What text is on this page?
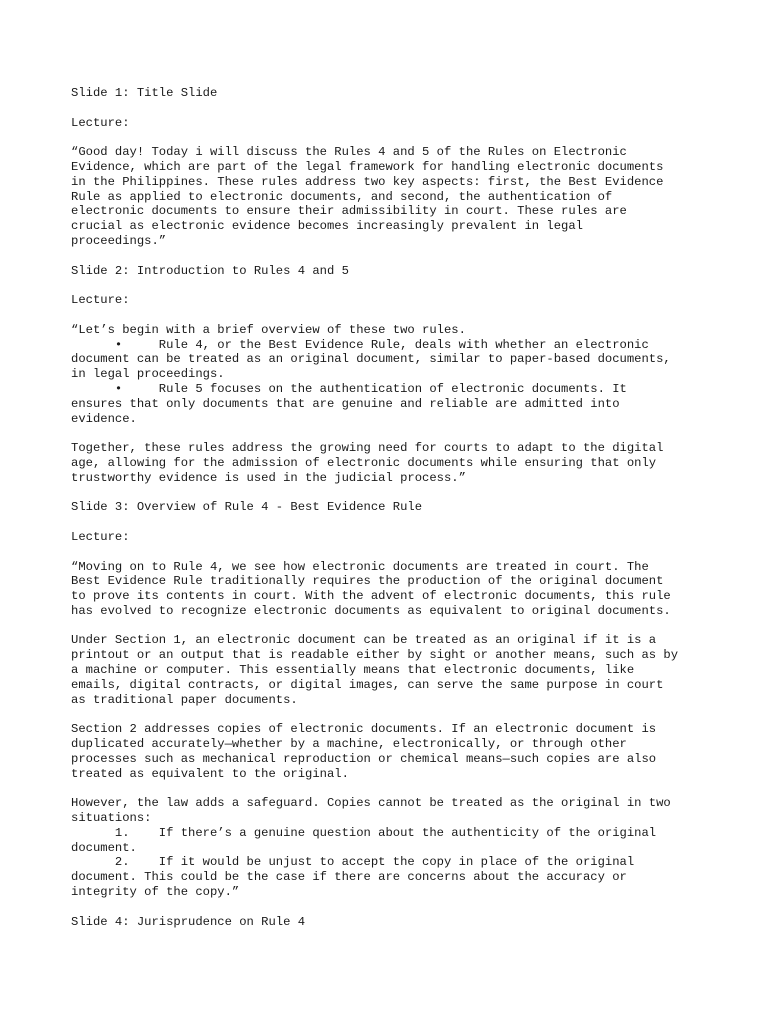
Slide 1: Title Slide
Lecture:
“Good day! Today i will discuss the Rules 4 and 5 of the Rules on Electronic
Evidence, which are part of the legal framework for handling electronic documents
in the Philippines. These rules address two key aspects: first, the Best Evidence
Rule as applied to electronic documents, and second, the authentication of
electronic documents to ensure their admissibility in court. These rules are
crucial as electronic evidence becomes increasingly prevalent in legal
proceedings.”
Slide 2: Introduction to Rules 4 and 5
Lecture:
“Let’s begin with a brief overview of these two rules.
•     Rule 4, or the Best Evidence Rule, deals with whether an electronic
document can be treated as an original document, similar to paper-based documents,
in legal proceedings.
•     Rule 5 focuses on the authentication of electronic documents. It
ensures that only documents that are genuine and reliable are admitted into
evidence.
Together, these rules address the growing need for courts to adapt to the digital
age, allowing for the admission of electronic documents while ensuring that only
trustworthy evidence is used in the judicial process.”
Slide 3: Overview of Rule 4 - Best Evidence Rule
Lecture:
“Moving on to Rule 4, we see how electronic documents are treated in court. The
Best Evidence Rule traditionally requires the production of the original document
to prove its contents in court. With the advent of electronic documents, this rule
has evolved to recognize electronic documents as equivalent to original documents.
Under Section 1, an electronic document can be treated as an original if it is a
printout or an output that is readable either by sight or another means, such as by
a machine or computer. This essentially means that electronic documents, like
emails, digital contracts, or digital images, can serve the same purpose in court
as traditional paper documents.
Section 2 addresses copies of electronic documents. If an electronic document is
duplicated accurately—whether by a machine, electronically, or through other
processes such as mechanical reproduction or chemical means—such copies are also
treated as equivalent to the original.
However, the law adds a safeguard. Copies cannot be treated as the original in two
situations:
1.    If there’s a genuine question about the authenticity of the original
document.
2.    If it would be unjust to accept the copy in place of the original
document. This could be the case if there are concerns about the accuracy or
integrity of the copy.”
Slide 4: Jurisprudence on Rule 4
